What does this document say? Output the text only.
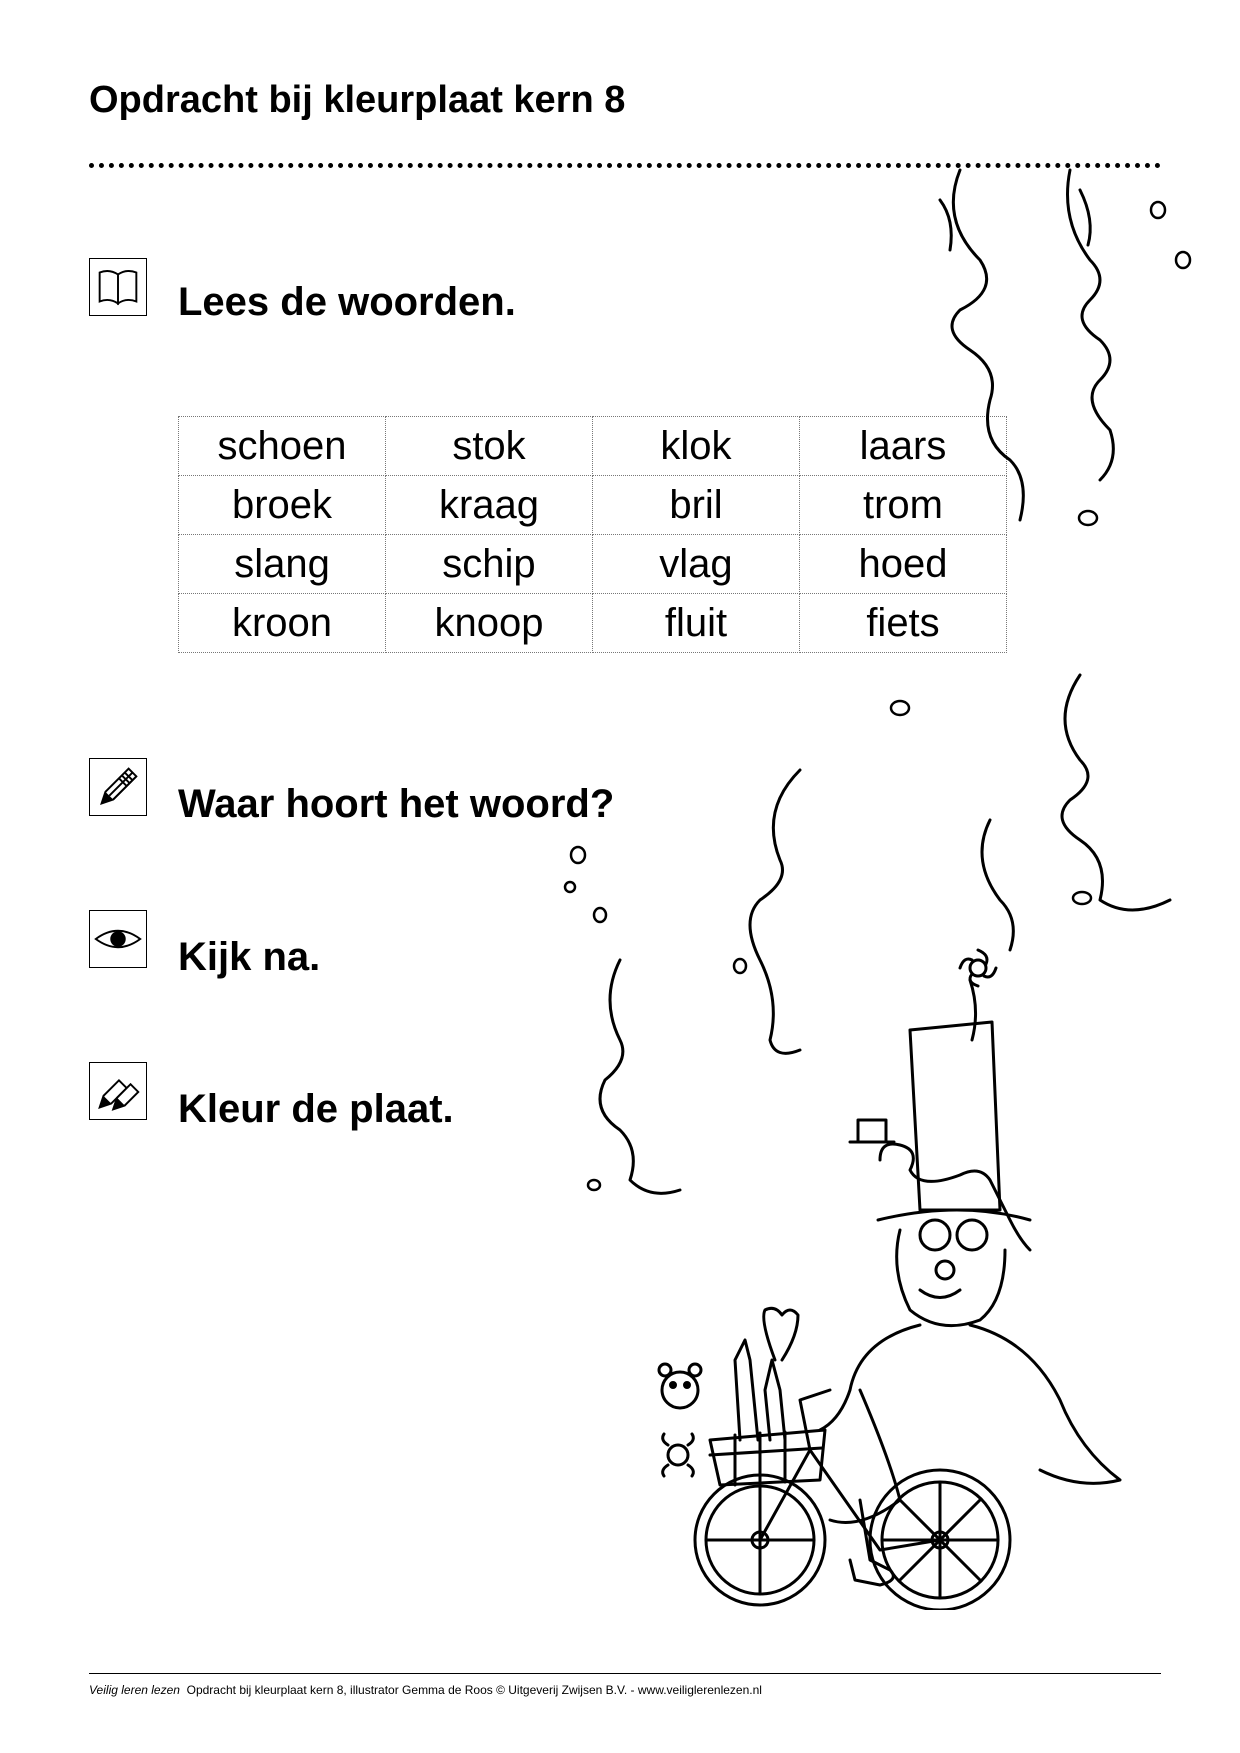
Opdracht bij kleurplaat kern 8

Lees de woorden.

schoen	stok	klok	laars
broek	kraag	bril	trom
slang	schip	vlag	hoed
kroon	knoop	fluit	fiets

Waar hoort het woord?

Kijk na.

Kleur de plaat.

Veilig leren lezen Opdracht bij kleurplaat kern 8, illustrator Gemma de Roos © Uitgeverij Zwijsen B.V. - www.veiliglerenlezen.nl
